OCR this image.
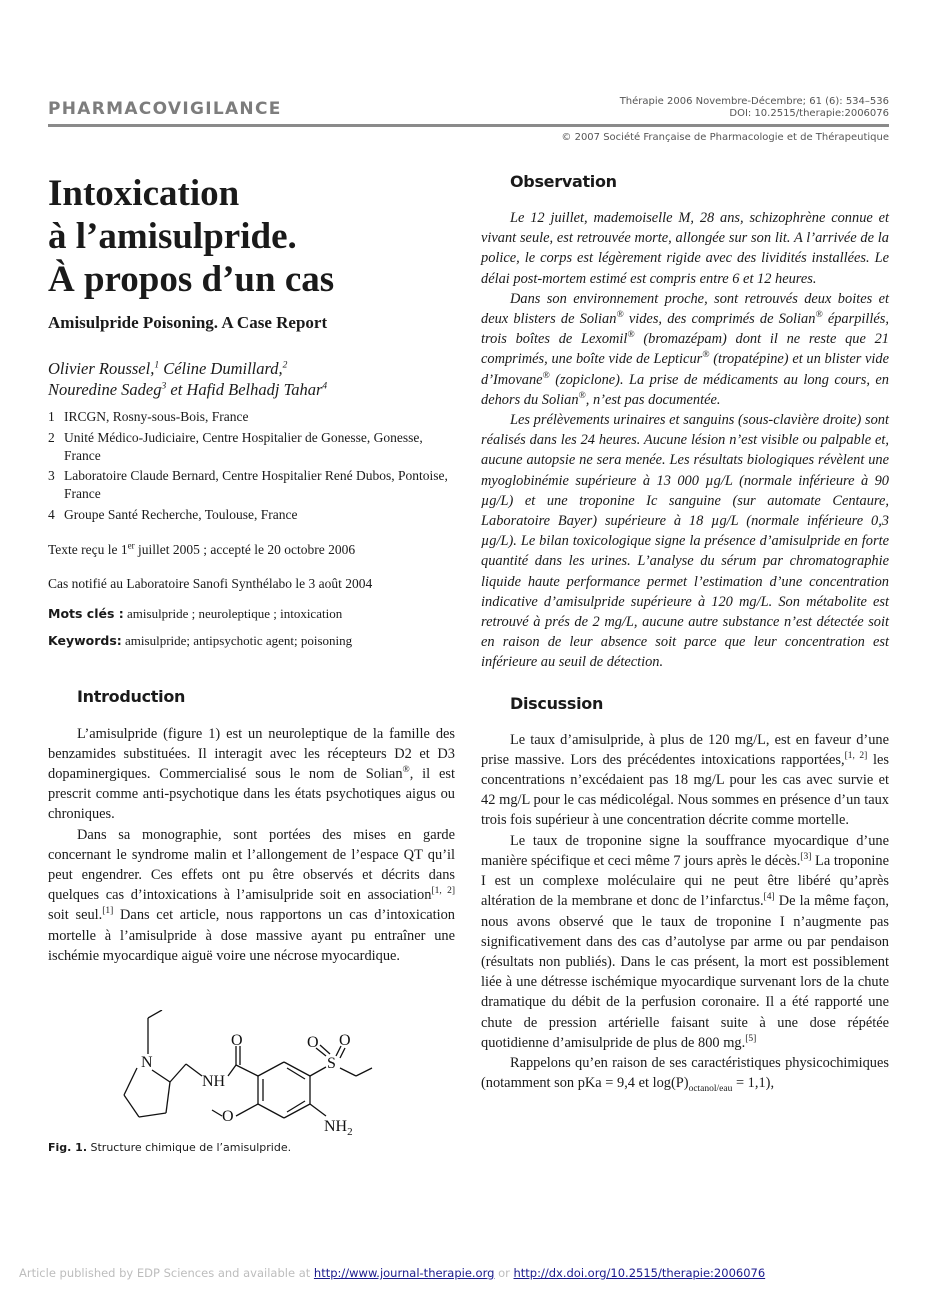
PHARMACOVIGILANCE	Thérapie 2006 Novembre-Décembre; 61 (6): 534–536
DOI: 10.2515/therapie:2006076
© 2007 Société Française de Pharmacologie et de Thérapeutique
Intoxication
à l’amisulpride.
À propos d’un cas
Amisulpride Poisoning. A Case Report
Olivier Roussel,$^1$ Céline Dumillard,$^2$
Nouredine Sadeg$^3$ et Hafid Belhadj Tahar$^4$
1 IRCGN, Rosny-sous-Bois, France
2 Unité Médico-Judiciaire, Centre Hospitalier de Gonesse, Gonesse, France
3 Laboratoire Claude Bernard, Centre Hospitalier René Dubos, Pontoise, France
4 Groupe Santé Recherche, Toulouse, France
Texte reçu le 1er juillet 2005 ; accepté le 20 octobre 2006
Cas notifié au Laboratoire Sanofi Synthélabo le 3 août 2004
Mots clés : amisulpride ; neuroleptique ; intoxication
Keywords: amisulpride; antipsychotic agent; poisoning
Introduction

L’amisulpride (figure 1) est un neuroleptique de la famille des benzamides substituées. Il interagit avec les récepteurs D2 et D3 dopaminergiques. Commercialisé sous le nom de Solian®, il est prescrit comme anti-psychotique dans les états psychotiques aigus ou chroniques.

Dans sa monographie, sont portées des mises en garde concernant le syndrome malin et l’allongement de l’espace QT qu’il peut engendrer. Ces effets ont pu être observés et décrits dans quelques cas d’intoxications à l’amisulpride soit en association[1, 2] soit seul.[1] Dans cet article, nous rapportons un cas d’intoxication mortelle à l’amisulpride à dose massive ayant pu entraîner une ischémie myocardique aiguë voire une nécrose myocardique.

N
NH
O
O
S
O O
$NH_2$
Fig. 1. Structure chimique de l’amisulpride.
Observation

Le 12 juillet, mademoiselle M, 28 ans, schizophrène connue et vivant seule, est retrouvée morte, allongée sur son lit. A l’arrivée de la police, le corps est légèrement rigide avec des lividités installées. Le délai post-mortem estimé est compris entre 6 et 12 heures.

Dans son environnement proche, sont retrouvés deux boites et deux blisters de Solian® vides, des comprimés de Solian® éparpillés, trois boîtes de Lexomil® (bromazépam) dont il ne reste que 21 comprimés, une boîte vide de Lepticur® (tropatépine) et un blister vide d’Imovane® (zopiclone). La prise de médicaments au long cours, en dehors du Solian®, n’est pas documentée.

Les prélèvements urinaires et sanguins (sous-clavière droite) sont réalisés dans les 24 heures. Aucune lésion n’est visible ou palpable et, aucune autopsie ne sera menée. Les résultats biologiques révèlent une myoglobinémie supérieure à 13 000 µg/L (normale inférieure à 90 µg/L) et une troponine Ic sanguine (sur automate Centaure, Laboratoire Bayer) supérieure à 18 µg/L (normale inférieure 0,3 µg/L). Le bilan toxicologique signe la présence d’amisulpride en forte quantité dans les urines. L’analyse du sérum par chromatographie liquide haute performance permet l’estimation d’une concentration indicative d’amisulpride supérieure à 120 mg/L. Son métabolite est retrouvé à prés de 2 mg/L, aucune autre substance n’est détectée soit en raison de leur absence soit parce que leur concentration est inférieure au seuil de détection.

Discussion

Le taux d’amisulpride, à plus de 120 mg/L, est en faveur d’une prise massive. Lors des précédentes intoxications rapportées,[1, 2] les concentrations n’excédaient pas 18 mg/L pour les cas avec survie et 42 mg/L pour le cas médicolégal. Nous sommes en présence d’un taux trois fois supérieur à une concentration décrite comme mortelle.

Le taux de troponine signe la souffrance myocardique d’une manière spécifique et ceci même 7 jours après le décès.[3] La troponine I est un complexe moléculaire qui ne peut être libéré qu’après altération de la membrane et donc de l’infarctus.[4] De la même façon, nous avons observé que le taux de troponine I n’augmente pas significativement dans des cas d’autolyse par arme ou par pendaison (résultats non publiés). Dans le cas présent, la mort est possiblement liée à une détresse ischémique myocardique survenant lors de la chute dramatique du débit de la perfusion coronaire. Il a été rapporté une chute de pression artérielle faisant suite à une dose répétée quotidienne d’amisulpride de plus de 800 mg.[5]

Rappelons qu’en raison de ses caractéristiques physicochimiques (notamment son pKa = 9,4 et $\log(P)_{octanol/eau} = 1,1$),

Article published by EDP Sciences and available at http://www.journal-therapie.org or http://dx.doi.org/10.2515/therapie:2006076
